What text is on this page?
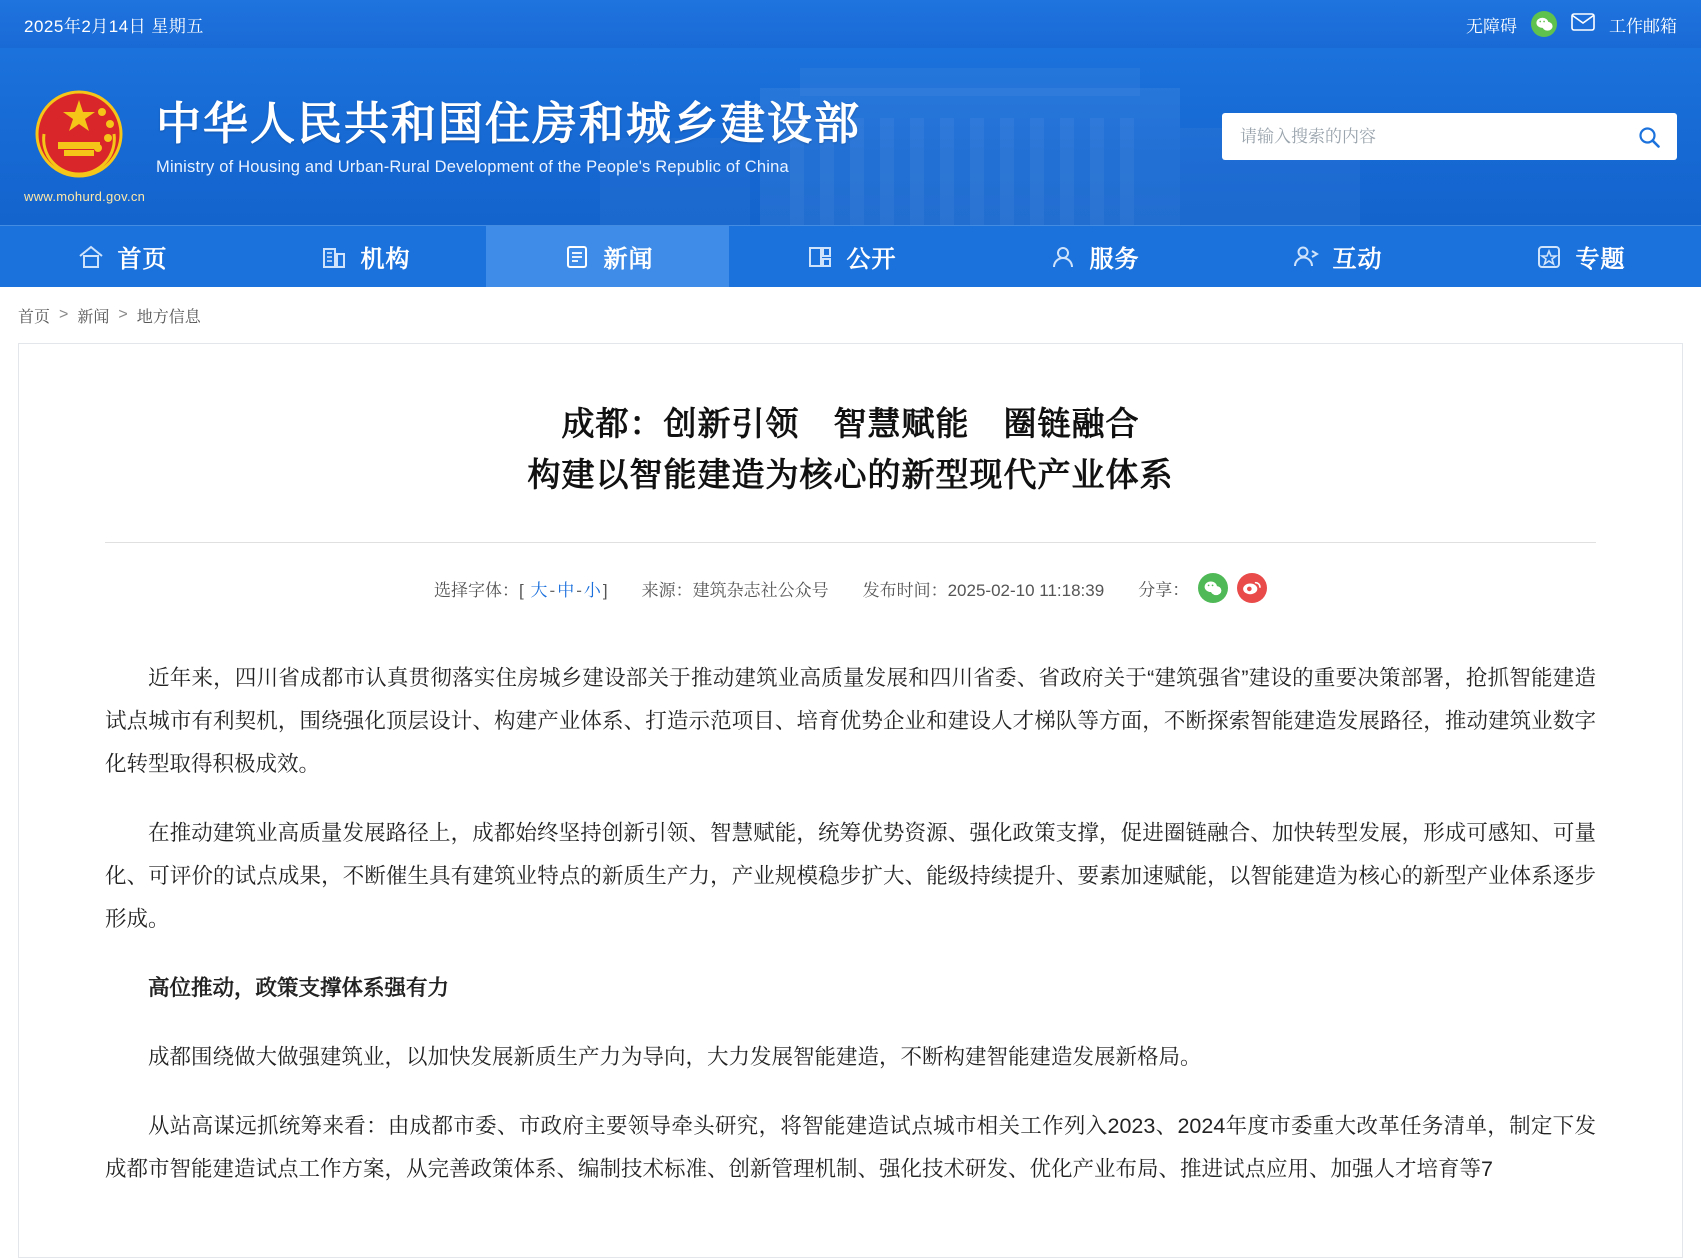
2025年2月14日 星期五	无障碍	工作邮箱
www.mohurd.gov.cn
中华人民共和国住房和城乡建设部
Ministry of Housing and Urban-Rural Development of the People's Republic of China
请输入搜索的内容
首页	机构	新闻	公开	服务	互动	专题
首页 > 新闻 > 地方信息
成都：创新引领　智慧赋能　圈链融合
构建以智能建造为核心的新型现代产业体系
选择字体：[ 大 - 中 - 小 ] 来源：建筑杂志社公众号 发布时间：2025-02-10 11:18:39 分享：

近年来，四川省成都市认真贯彻落实住房城乡建设部关于推动建筑业高质量发展和四川省委、省政府关于“建筑强省”建设的重要决策部署，抢抓智能建造试点城市有利契机，围绕强化顶层设计、构建产业体系、打造示范项目、培育优势企业和建设人才梯队等方面，不断探索智能建造发展路径，推动建筑业数字化转型取得积极成效。

在推动建筑业高质量发展路径上，成都始终坚持创新引领、智慧赋能，统筹优势资源、强化政策支撑，促进圈链融合、加快转型发展，形成可感知、可量化、可评价的试点成果，不断催生具有建筑业特点的新质生产力，产业规模稳步扩大、能级持续提升、要素加速赋能，以智能建造为核心的新型产业体系逐步形成。

高位推动，政策支撑体系强有力

成都围绕做大做强建筑业，以加快发展新质生产力为导向，大力发展智能建造，不断构建智能建造发展新格局。

从站高谋远抓统筹来看：由成都市委、市政府主要领导牵头研究，将智能建造试点城市相关工作列入2023、2024年度市委重大改革任务清单，制定下发成都市智能建造试点工作方案，从完善政策体系、编制技术标准、创新管理机制、强化技术研发、优化产业布局、推进试点应用、加强人才培育等7
